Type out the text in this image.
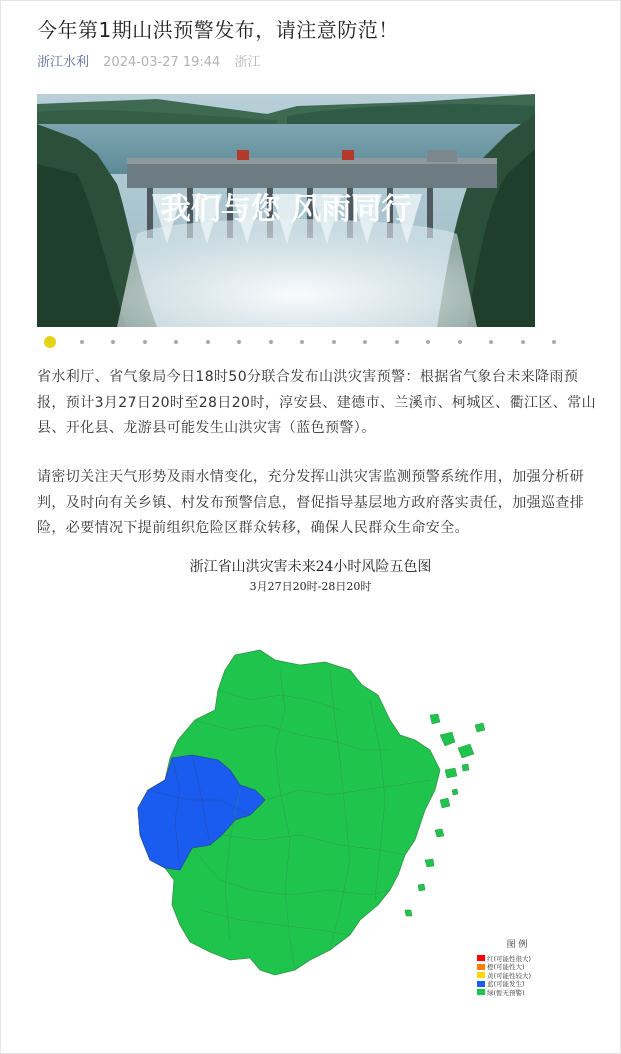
今年第1期山洪预警发布，请注意防范！
浙江水利 2024-03-27 19:44 浙江
我们与您 风雨同行
省水利厅、省气象局今日18时50分联合发布山洪灾害预警：根据省气象台未来降雨预报，预计3月27日20时至28日20时，淳安县、建德市、兰溪市、柯城区、衢江区、常山县、开化县、龙游县可能发生山洪灾害（蓝色预警）。
请密切关注天气形势及雨水情变化，充分发挥山洪灾害监测预警系统作用，加强分析研判，及时向有关乡镇、村发布预警信息，督促指导基层地方政府落实责任，加强巡查排险，必要情况下提前组织危险区群众转移，确保人民群众生命安全。
浙江省山洪灾害未来24小时风险五色图
3月27日20时-28日20时
图 例
红(可能性很大)
橙(可能性大)
黄(可能性较大)
蓝(可能发生)
绿(暂无预警)
